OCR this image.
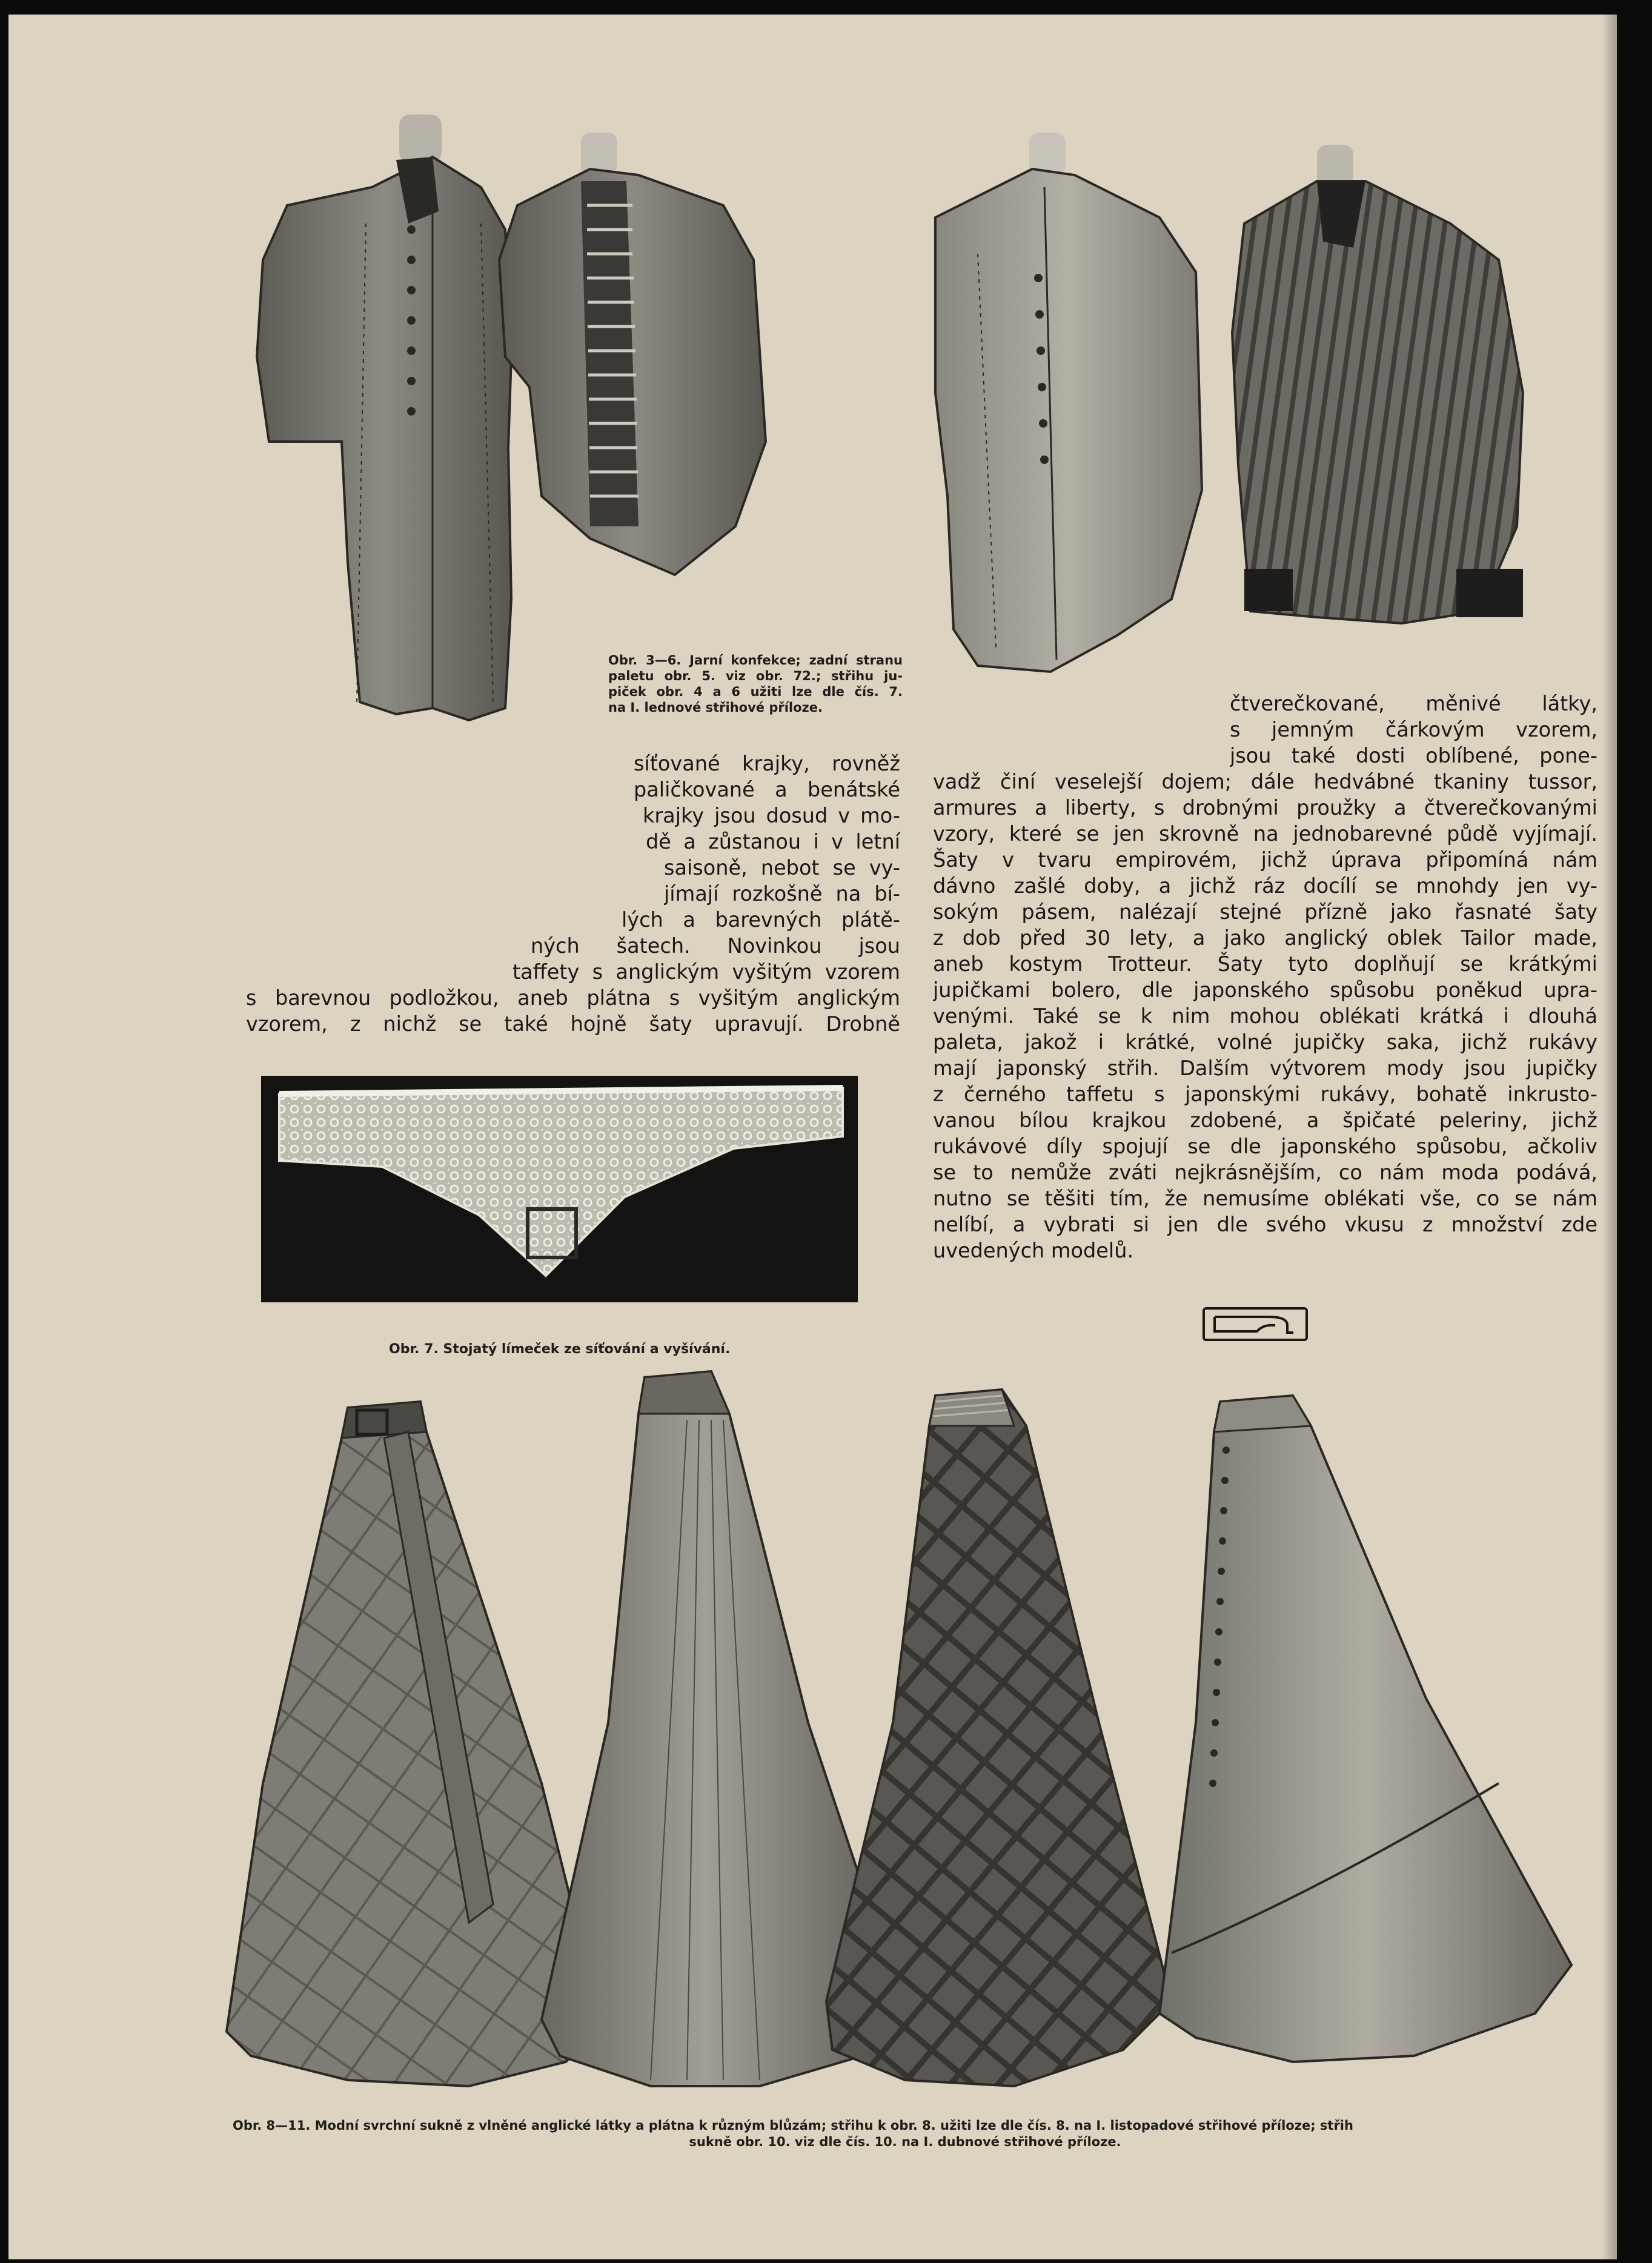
Obr. 3—6. Jarní konfekce; zadní stranu
paletu obr. 5. viz obr. 72.; střihu ju-
piček obr. 4 a 6 užiti lze dle čís. 7.
na I. lednové střihové příloze.
síťované krajky, rovněž
paličkované a benátské
krajky jsou dosud v mo-
dě a zůstanou i v letní
saisoně, nebot se vy-
jímají rozkošně na bí-
lých a barevných plátě-
ných šatech. Novinkou jsou
taffety s anglickým vyšitým vzorem
s barevnou podložkou, aneb plátna s vyšitým anglickým
vzorem, z nichž se také hojně šaty upravují. Drobně
Obr. 7. Stojatý límeček ze síťování a vyšívání.
čtverečkované, měnivé látky,
s jemným čárkovým vzorem,
jsou také dosti oblíbené, pone-
vadž činí veselejší dojem; dále hedvábné tkaniny tussor,
armures a liberty, s drobnými proužky a čtverečkovanými
vzory, které se jen skrovně na jednobarevné půdě vyjímají.
Šaty v tvaru empirovém, jichž úprava připomíná nám
dávno zašlé doby, a jichž ráz docílí se mnohdy jen vy-
sokým pásem, nalézají stejné přízně jako řasnaté šaty
z dob před 30 lety, a jako anglický oblek Tailor made,
aneb kostym Trotteur. Šaty tyto doplňují se krátkými
jupičkami bolero, dle japonského spůsobu poněkud upra-
venými. Také se k nim mohou oblékati krátká i dlouhá
paleta, jakož i krátké, volné jupičky saka, jichž rukávy
mají japonský střih. Dalším výtvorem mody jsou jupičky
z černého taffetu s japonskými rukávy, bohatě inkrusto-
vanou bílou krajkou zdobené, a špičaté peleriny, jichž
rukávové díly spojují se dle japonského spůsobu, ačkoliv
se to nemůže zváti nejkrásnějším, co nám moda podává,
nutno se těšiti tím, že nemusíme oblékati vše, co se nám
nelíbí, a vybrati si jen dle svého vkusu z množství zde
uvedených modelů.
Obr. 8—11. Modní svrchní sukně z vlněné anglické látky a plátna k různým blůzám; střihu k obr. 8. užiti lze dle čís. 8. na I. listopadové střihové příloze; střih
sukně obr. 10. viz dle čís. 10. na I. dubnové střihové příloze.
